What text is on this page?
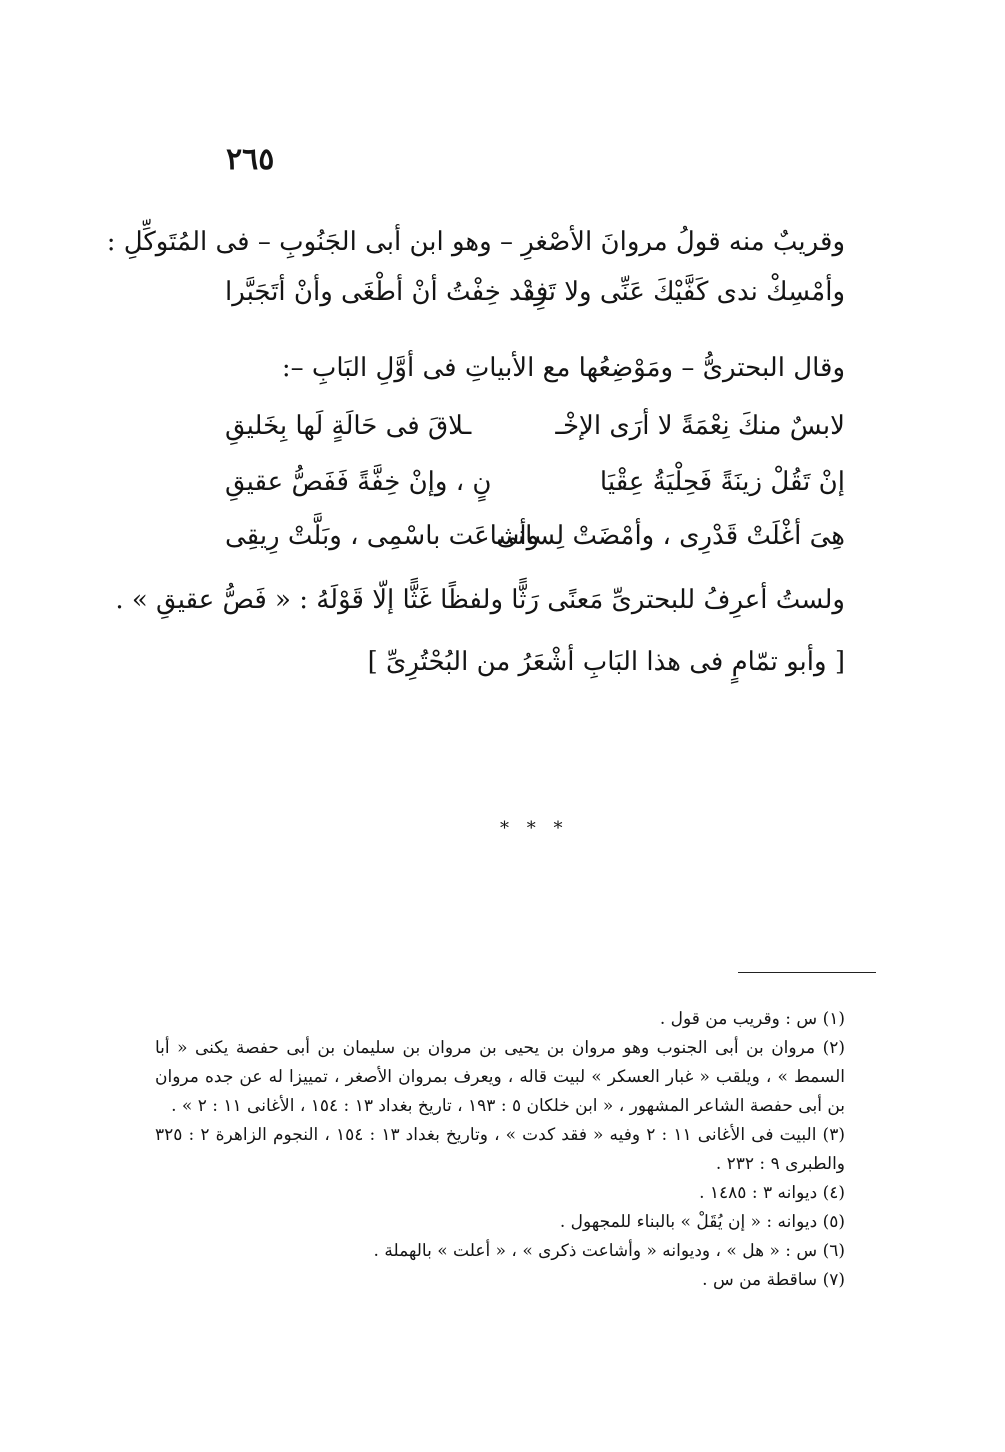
٢٦٥
وقريبٌ منه قولُ مروانَ الأصْغرِ – وهو ابن أبى الجَنُوبِ – فى المُتَوكِّلِ :
وأمْسِكْ ندى كَفَّيْكَ عَنِّى ولا تَزِدْ
فقد خِفْتُ أنْ أطْغَى وأنْ أتَجَبَّرا
وقال البحترىُّ – ومَوْضِعُها مع الأبياتِ فى أوَّلِ البَابِ –:
لابسٌ منكَ نِعْمَةً لا أرَى الإخْـ
ـلاقَ فى حَالَةٍ لَها بِخَليقِ
إنْ تَقُلْ زينَةً فَحِلْيَةُ عِقْيَا
نٍ ، وإنْ خِفَّةً فَفَصُّ عقيقِ
هِىَ أغْلَتْ قَدْرِى ، وأمْضَتْ لِسانى
وأشاعَت باسْمِى ، وبَلَّتْ رِيقِى
ولستُ أعرِفُ للبحترىِّ مَعنًى رَثًّا ولفظًا غَثًّا إلّا قَوْلَهُ : « فَصُّ عقيقِ » .
[ وأبو تمّامٍ فى هذا البَابِ أشْعَرُ من البُحْتُرِىِّ ]
* * *
(١) س : وقريب من قول .
(٢) مروان بن أبى الجنوب وهو مروان بن يحيى بن مروان بن سليمان بن أبى حفصة يكنى « أبا السمط » ، ويلقب « غبار العسكر » لبيت قاله ، ويعرف بمروان الأصغر ، تمييزا له عن جده مروان بن أبى حفصة الشاعر المشهور ، « ابن خلكان ٥ : ١٩٣ ، تاريخ بغداد ١٣ : ١٥٤ ، الأغانى ١١ : ٢ » .
(٣) البيت فى الأغانى ١١ : ٢ وفيه « فقد كدت » ، وتاريخ بغداد ١٣ : ١٥٤ ، النجوم الزاهرة ٢ : ٣٢٥ والطبرى ٩ : ٢٣٢ .
(٤) ديوانه ٣ : ١٤٨٥ .
(٥) ديوانه : « إن يُقَلْ » بالبناء للمجهول .
(٦) س : « هل » ، وديوانه « وأشاعت ذكرى » ، « أعلت » بالهملة .
(٧) ساقطة من س .
